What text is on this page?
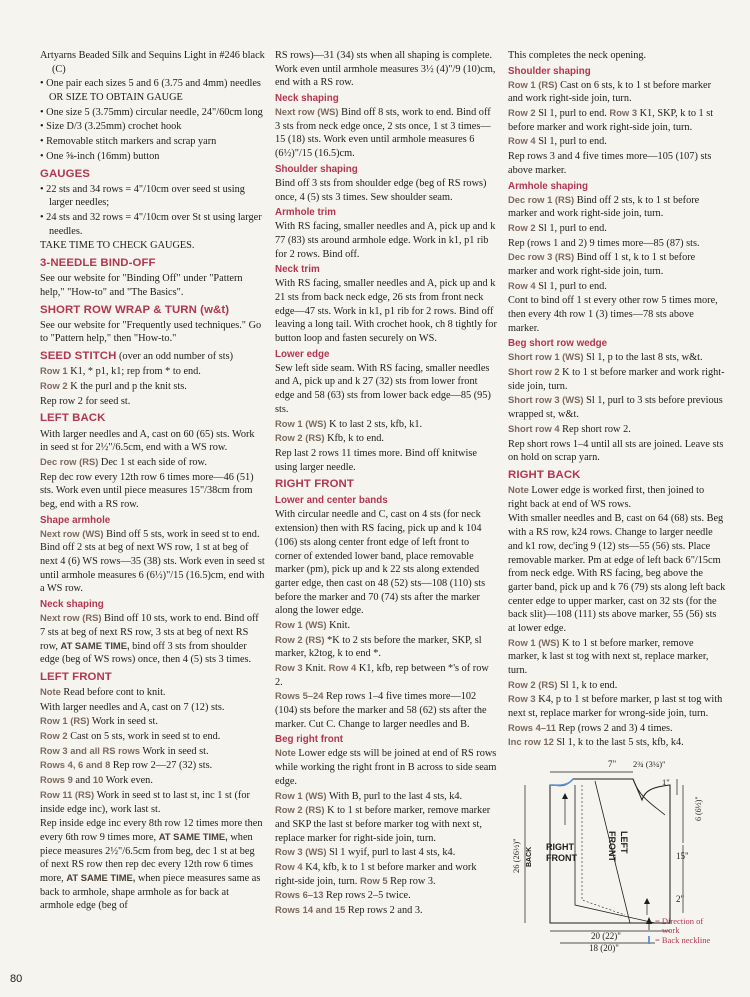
Artyarns Beaded Silk and Sequins Light in #246 black (C)

• One pair each sizes 5 and 6 (3.75 and 4mm) needles OR SIZE TO OBTAIN GAUGE

• One size 5 (3.75mm) circular needle, 24"/60cm long

• Size D/3 (3.25mm) crochet hook

• Removable stitch markers and scrap yarn

• One ⅝-inch (16mm) button

GAUGES

• 22 sts and 34 rows = 4"/10cm over seed st using larger needles;

• 24 sts and 32 rows = 4"/10cm over St st using larger needles.

TAKE TIME TO CHECK GAUGES.

3-NEEDLE BIND-OFF

See our website for "Binding Off" under "Pattern help," "How-to" and "The Basics".

SHORT ROW WRAP & TURN (w&t)

See our website for "Frequently used techniques." Go to "Pattern help," then "How-to."

SEED STITCH (over an odd number of sts)

Row 1 K1, * p1, k1; rep from * to end.

Row 2 K the purl and p the knit sts.

Rep row 2 for seed st.

LEFT BACK

With larger needles and A, cast on 60 (65) sts. Work in seed st for 2½"/6.5cm, end with a WS row.

Dec row (RS) Dec 1 st each side of row.

Rep dec row every 12th row 6 times more—46 (51) sts. Work even until piece measures 15"/38cm from beg, end with a RS row.

Shape armhole

Next row (WS) Bind off 5 sts, work in seed st to end. Bind off 2 sts at beg of next WS row, 1 st at beg of next 4 (6) WS rows—35 (38) sts. Work even in seed st until armhole measures 6 (6½)"/15 (16.5)cm, end with a WS row.

Neck shaping

Next row (RS) Bind off 10 sts, work to end. Bind off 7 sts at beg of next RS row, 3 sts at beg of next RS row, AT SAME TIME, bind off 3 sts from shoulder edge (beg of WS rows) once, then 4 (5) sts 3 times.

LEFT FRONT

Note Read before cont to knit.

With larger needles and A, cast on 7 (12) sts.

Row 1 (RS) Work in seed st.

Row 2 Cast on 5 sts, work in seed st to end.

Row 3 and all RS rows Work in seed st.

Rows 4, 6 and 8 Rep row 2—27 (32) sts.

Rows 9 and 10 Work even.

Row 11 (RS) Work in seed st to last st, inc 1 st (for inside edge inc), work last st.

Rep inside edge inc every 8th row 12 times more then every 6th row 9 times more, AT SAME TIME, when piece measures 2½"/6.5cm from beg, dec 1 st at beg of next RS row then rep dec every 12th row 6 times more, AT SAME TIME, when piece measures same as back to armhole, shape armhole as for back at armhole edge (beg of

RS rows)—31 (34) sts when all shaping is complete. Work even until armhole measures 3½ (4)"/9 (10)cm, end with a RS row.

Neck shaping

Next row (WS) Bind off 8 sts, work to end. Bind off 3 sts from neck edge once, 2 sts once, 1 st 3 times—15 (18) sts. Work even until armhole measures 6 (6½)"/15 (16.5)cm.

Shoulder shaping

Bind off 3 sts from shoulder edge (beg of RS rows) once, 4 (5) sts 3 times. Sew shoulder seam.

Armhole trim

With RS facing, smaller needles and A, pick up and k 77 (83) sts around armhole edge. Work in k1, p1 rib for 2 rows. Bind off.

Neck trim

With RS facing, smaller needles and A, pick up and k 21 sts from back neck edge, 26 sts from front neck edge—47 sts. Work in k1, p1 rib for 2 rows. Bind off leaving a long tail. With crochet hook, ch 8 tightly for button loop and fasten securely on WS.

Lower edge

Sew left side seam. With RS facing, smaller needles and A, pick up and k 27 (32) sts from lower front edge and 58 (63) sts from lower back edge—85 (95) sts.

Row 1 (WS) K to last 2 sts, kfb, k1.

Row 2 (RS) Kfb, k to end.

Rep last 2 rows 11 times more. Bind off knitwise using larger needle.

RIGHT FRONT
Lower and center bands

With circular needle and C, cast on 4 sts (for neck extension) then with RS facing, pick up and k 104 (106) sts along center front edge of left front to corner of extended lower band, place removable marker (pm), pick up and k 22 sts along extended garter edge, then cast on 48 (52) sts—108 (110) sts before the marker and 70 (74) sts after the marker along the lower edge.

Row 1 (WS) Knit.

Row 2 (RS) *K to 2 sts before the marker, SKP, sl marker, k2tog, k to end *.

Row 3 Knit. Row 4 K1, kfb, rep between *'s of row 2.

Rows 5–24 Rep rows 1–4 five times more—102 (104) sts before the marker and 58 (62) sts after the marker. Cut C. Change to larger needles and B.

Beg right front

Note Lower edge sts will be joined at end of RS rows while working the right front in B across to side seam edge.

Row 1 (WS) With B, purl to the last 4 sts, k4.

Row 2 (RS) K to 1 st before marker, remove marker and SKP the last st before marker tog with next st, replace marker for right-side join, turn.

Row 3 (WS) Sl 1 wyif, purl to last 4 sts, k4.

Row 4 K4, kfb, k to 1 st before marker and work right-side join, turn. Row 5 Rep row 3.

Rows 6–13 Rep rows 2–5 twice.

Rows 14 and 15 Rep rows 2 and 3.

This completes the neck opening.

Shoulder shaping

Row 1 (RS) Cast on 6 sts, k to 1 st before marker and work right-side join, turn.

Row 2 Sl 1, purl to end. Row 3 K1, SKP, k to 1 st before marker and work right-side join, turn.

Row 4 Sl 1, purl to end.

Rep rows 3 and 4 five times more—105 (107) sts above marker.

Armhole shaping

Dec row 1 (RS) Bind off 2 sts, k to 1 st before marker and work right-side join, turn.

Row 2 Sl 1, purl to end.

Rep (rows 1 and 2) 9 times more—85 (87) sts.

Dec row 3 (RS) Bind off 1 st, k to 1 st before marker and work right-side join, turn.

Row 4 Sl 1, purl to end.

Cont to bind off 1 st every other row 5 times more, then every 4th row 1 (3) times—78 sts above marker.

Beg short row wedge

Short row 1 (WS) Sl 1, p to the last 8 sts, w&t.

Short row 2 K to 1 st before marker and work right-side join, turn.

Short row 3 (WS) Sl 1, purl to 3 sts before previous wrapped st, w&t.

Short row 4 Rep short row 2.

Rep short rows 1–4 until all sts are joined. Leave sts on hold on scrap yarn.

RIGHT BACK

Note Lower edge is worked first, then joined to right back at end of WS rows.

With smaller needles and B, cast on 64 (68) sts. Beg with a RS row, k24 rows. Change to larger needle and k1 row, dec'ing 9 (12) sts—55 (56) sts. Place removable marker. Pm at edge of left back 6"/15cm from neck edge. With RS facing, beg above the garter band, pick up and k 76 (79) sts along left back center edge to upper marker, cast on 32 sts (for the back slit)—108 (111) sts above marker, 55 (56) sts at lower edge.

Row 1 (WS) K to 1 st before marker, remove marker, k last st tog with next st, replace marker, turn.

Row 2 (RS) Sl 1, k to end.

Row 3 K4, p to 1 st before marker, p last st tog with next st, replace marker for wrong-side join, turn.

Rows 4–11 Rep (rows 2 and 3) 4 times.

Inc row 12 Sl 1, k to the last 5 sts, kfb, k4.

7" 2¾ (3¼)"
BACK RIGHT
FRONT
LEFT
FRONT
1"
6 (6½)"
15"
2"
26 (26½)"
20 (22)"
18 (20)"
= Direction of
work
= Back neckline
80
